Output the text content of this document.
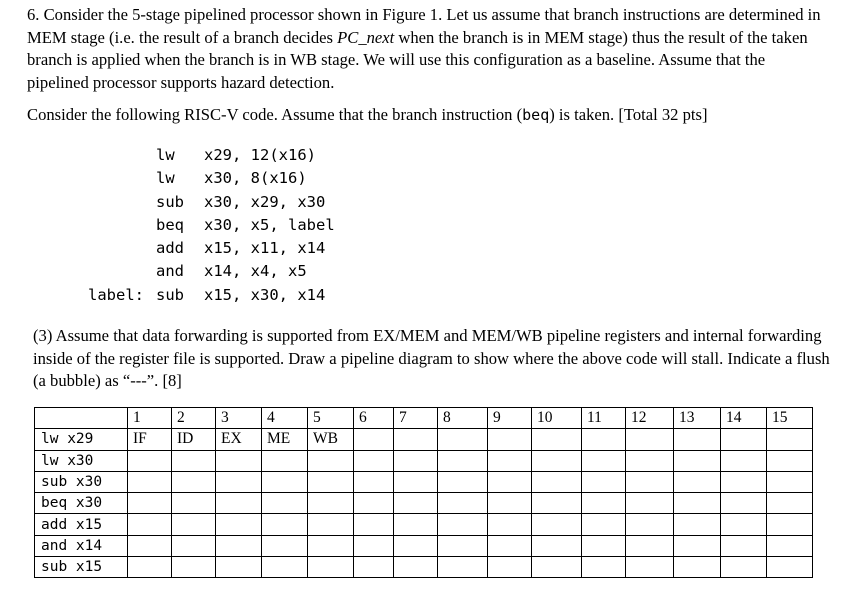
6. Consider the 5-stage pipelined processor shown in Figure 1. Let us assume that branch instructions are determined in MEM stage (i.e. the result of a branch decides PC_next when the branch is in MEM stage) thus the result of the taken branch is applied when the branch is in WB stage. We will use this configuration as a baseline. Assume that the pipelined processor supports hazard detection.

Consider the following RISC-V code. Assume that the branch instruction (beq) is taken. [Total 32 pts]

lw x29, 12(x16)
lw x30, 8(x16)
sub x30, x29, x30
beq x30, x5, label
add x15, x11, x14
and x14, x4, x5
label: sub x15, x30, x14

(3) Assume that data forwarding is supported from EX/MEM and MEM/WB pipeline registers and internal forwarding inside of the register file is supported. Draw a pipeline diagram to show where the above code will stall. Indicate a flush (a bubble) as “---”. [8]

	1	2	3	4	5	6	7	8	9	10	11	12	13	14	15
lw x29	IF	ID	EX	ME	WB										
lw x30															
sub x30															
beq x30															
add x15															
and x14															
sub x15															
